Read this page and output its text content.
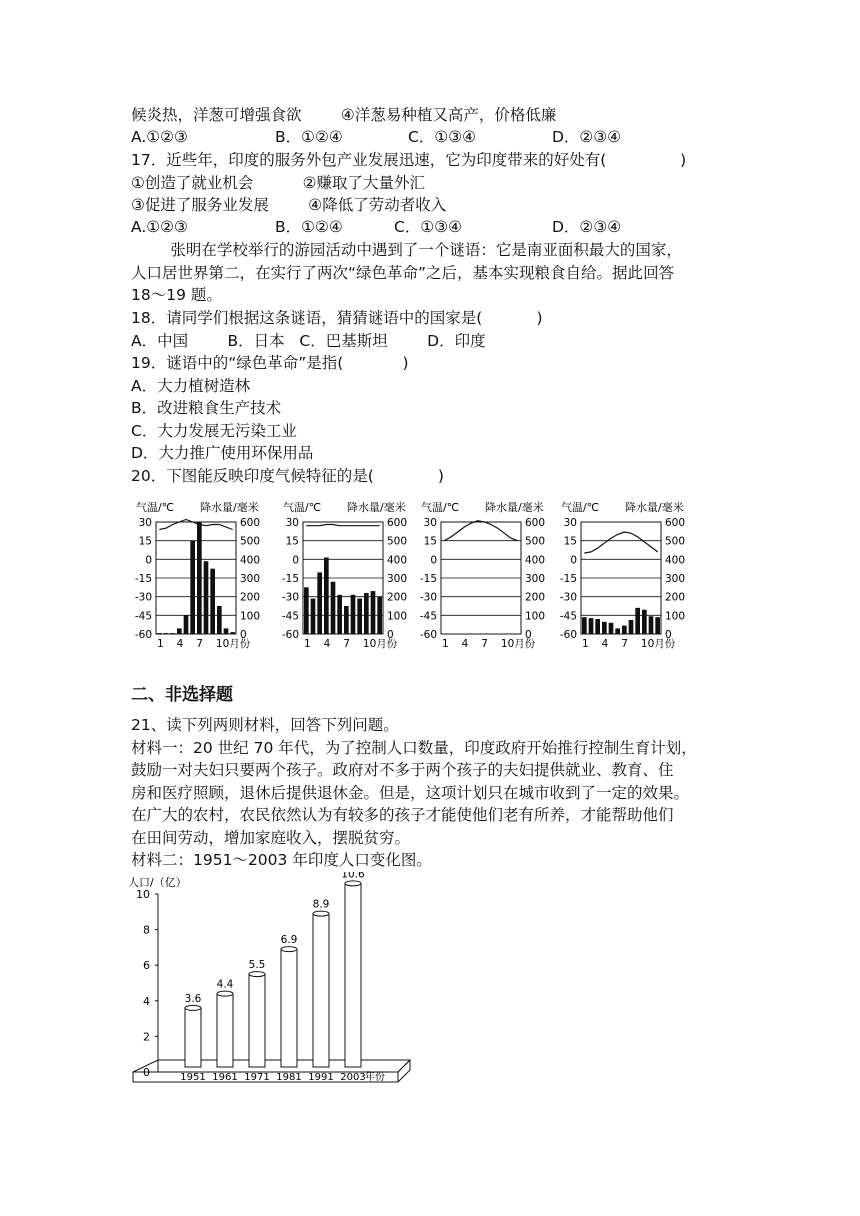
候炎热，洋葱可增强食欲        ④洋葱易种植又高产，价格低廉
A.①②③	B．①②④	C．①③④	D．②③④
17．近些年，印度的服务外包产业发展迅速，它为印度带来的好处有(               )
①创造了就业机会          ②赚取了大量外汇
③促进了服务业发展        ④降低了劳动者收入
A.①②③	B．①②④	C．①③④	D．②③④
张明在学校举行的游园活动中遇到了一个谜语：它是南亚面积最大的国家，
人口居世界第二，在实行了两次“绿色革命”之后，基本实现粮食自给。据此回答
18～19 题。
18．请同学们根据这条谜语，猜猜谜语中的国家是(           )
A．中国        B．日本   C．巴基斯坦        D．印度
19．谜语中的“绿色革命”是指(            )
A．大力植树造林
B．改进粮食生产技术
C．大力发展无污染工业
D．大力推广使用环保用品
20．下图能反映印度气候特征的是(             )
气温/℃ 降水量/毫米
30
15
0
-15
-30
-45
-60
600
500
400
300
200
100
0
1 4 7 10月份
气温/℃ 降水量/毫米
30
15
0
-15
-30
-45
-60
600
500
400
300
200
100
0
1 4 7 10月份
气温/℃ 降水量/毫米
30
15
0
-15
-30
-45
-60
600
500
400
300
200
100
0
1 4 7 10月份
气温/℃ 降水量/毫米
30
15
0
-15
-30
-45
-60
600
500
400
300
200
100
0
1 4 7 10月份
二、非选择题
21、读下列两则材料，回答下列问题。
材料一：20 世纪 70 年代，为了控制人口数量，印度政府开始推行控制生育计划，
鼓励一对夫妇只要两个孩子。政府对不多于两个孩子的夫妇提供就业、教育、住
房和医疗照顾，退休后提供退休金。但是，这项计划只在城市收到了一定的效果。
在广大的农村，农民依然认为有较多的孩子才能使他们老有所养，才能帮助他们
在田间劳动，增加家庭收入，摆脱贫穷。
材料二：1951～2003 年印度人口变化图。
人口/（亿）
0
2
4
6
8
10
3.6
1951
4.4
1961
5.5
1971
6.9
1981
8.9
1991
10.6
2003 年份
